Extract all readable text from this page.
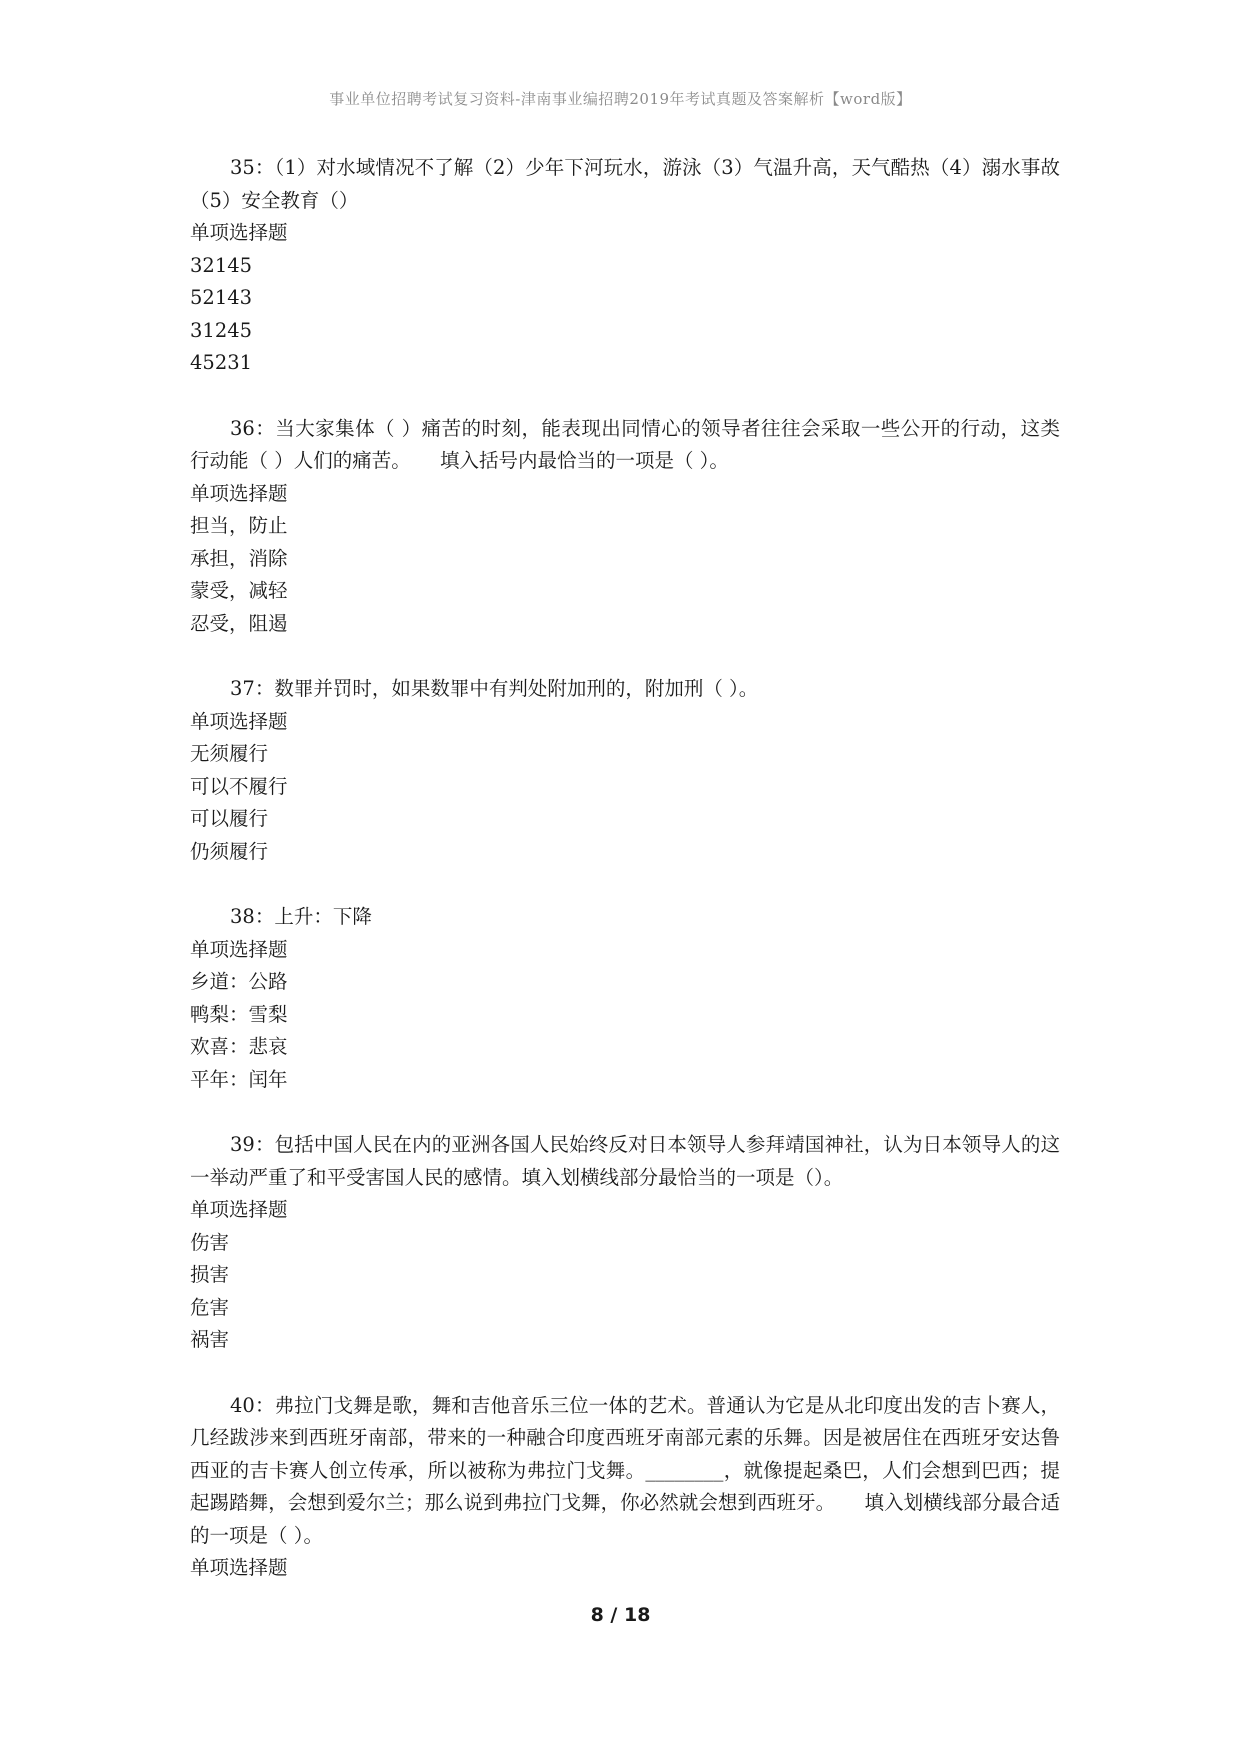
事业单位招聘考试复习资料-津南事业编招聘2019年考试真题及答案解析【word版】

35：（1）对水域情况不了解（2）少年下河玩水，游泳（3）气温升高，天气酷热（4）溺水事故（5）安全教育（）

单项选择题

32145

52143

31245

45231

36：当大家集体（ ）痛苦的时刻，能表现出同情心的领导者往往会采取一些公开的行动，这类行动能（ ）人们的痛苦。　　填入括号内最恰当的一项是（ ）。

单项选择题

担当，防止

承担，消除

蒙受，减轻

忍受，阻遏

37：数罪并罚时，如果数罪中有判处附加刑的，附加刑（ ）。

单项选择题

无须履行

可以不履行

可以履行

仍须履行

38：上升：下降

单项选择题

乡道：公路

鸭梨：雪梨

欢喜：悲哀

平年：闰年

39：包括中国人民在内的亚洲各国人民始终反对日本领导人参拜靖国神社，认为日本领导人的这一举动严重了和平受害国人民的感情。填入划横线部分最恰当的一项是（）。

单项选择题

伤害

损害

危害

祸害

40：弗拉门戈舞是歌，舞和吉他音乐三位一体的艺术。普通认为它是从北印度出发的吉卜赛人，几经跋涉来到西班牙南部，带来的一种融合印度西班牙南部元素的乐舞。因是被居住在西班牙安达鲁西亚的吉卡赛人创立传承，所以被称为弗拉门戈舞。________，就像提起桑巴，人们会想到巴西；提起踢踏舞，会想到爱尔兰；那么说到弗拉门戈舞，你必然就会想到西班牙。　　填入划横线部分最合适的一项是（ ）。

单项选择题

8 / 18
